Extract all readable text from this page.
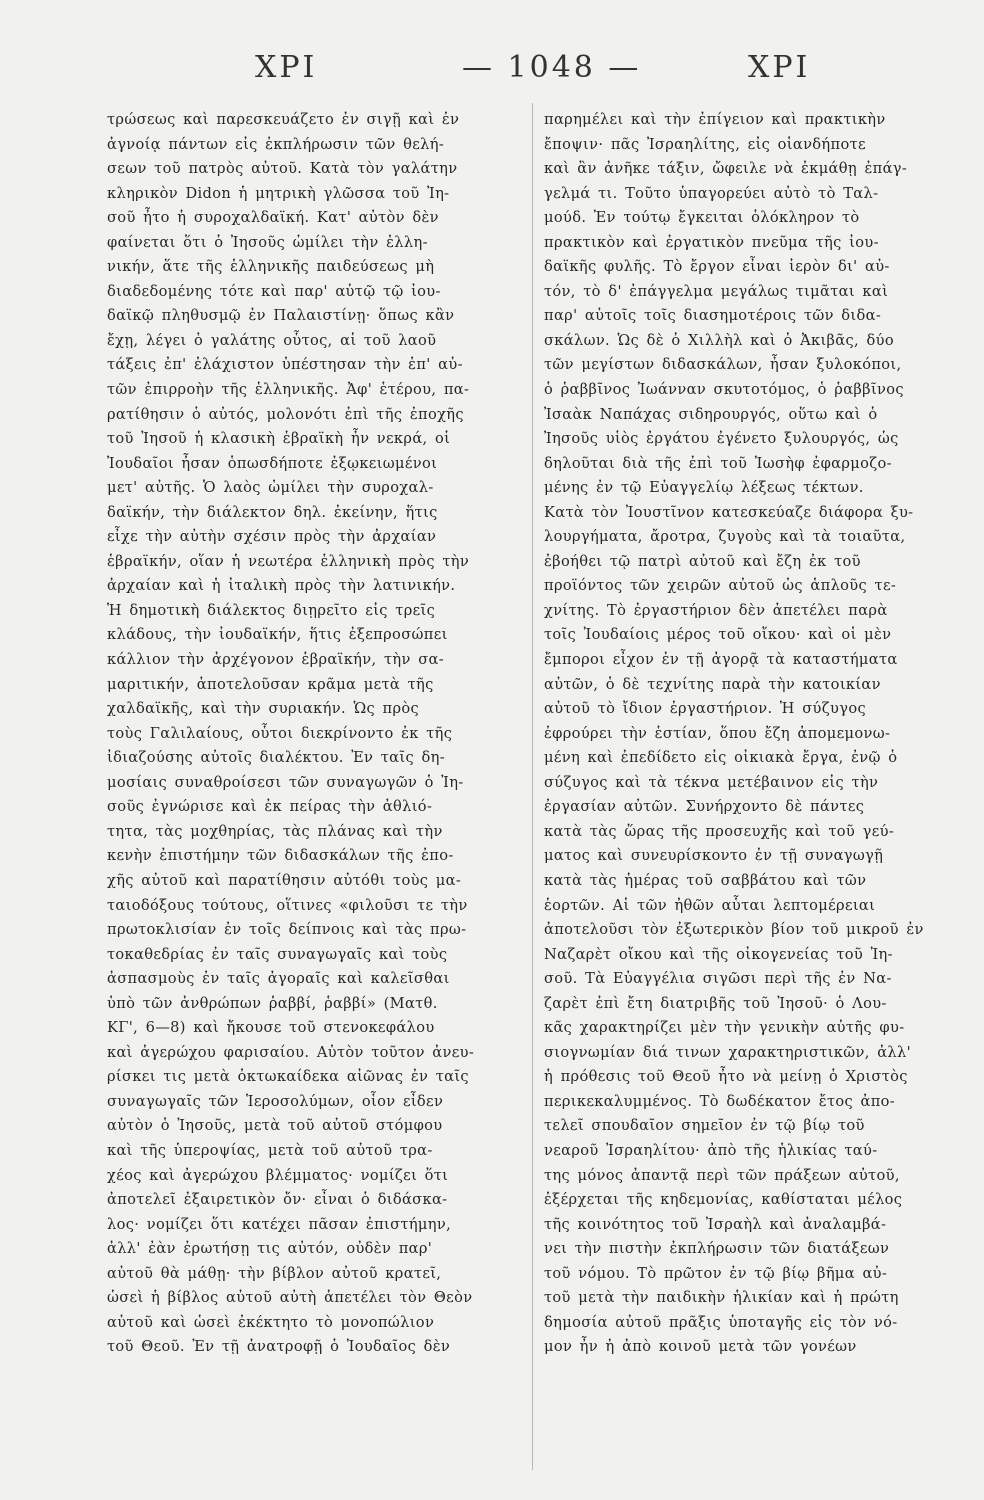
ΧΡΙ	— 1048 —	ΧΡΙ
τρώσεως καὶ παρεσκευάζετο ἐν σιγῇ καὶ ἐν
ἀγνοίᾳ πάντων εἰς ἐκπλήρωσιν τῶν θελή-
σεων τοῦ πατρὸς αὐτοῦ. Κατὰ τὸν γαλάτην
κληρικὸν Didon ἡ μητρικὴ γλῶσσα τοῦ Ἰη-
σοῦ ἦτο ἡ συροχαλδαϊκή. Κατ' αὐτὸν δὲν
φαίνεται ὅτι ὁ Ἰησοῦς ὡμίλει τὴν ἑλλη-
νικήν, ἅτε τῆς ἑλληνικῆς παιδεύσεως μὴ
διαδεδομένης τότε καὶ παρ' αὐτῷ τῷ ἰου-
δαϊκῷ πληθυσμῷ ἐν Παλαιστίνῃ· ὅπως κἂν
ἔχῃ, λέγει ὁ γαλάτης οὗτος, αἱ τοῦ λαοῦ
τάξεις ἐπ' ἐλάχιστον ὑπέστησαν τὴν ἐπ' αὐ-
τῶν ἐπιρροὴν τῆς ἑλληνικῆς. Ἀφ' ἑτέρου, πα-
ρατίθησιν ὁ αὐτός, μολονότι ἐπὶ τῆς ἐποχῆς
τοῦ Ἰησοῦ ἡ κλασικὴ ἑβραϊκὴ ἦν νεκρά, οἱ
Ἰουδαῖοι ἦσαν ὁπωσδήποτε ἐξῳκειωμένοι
μετ' αὐτῆς. Ὁ λαὸς ὡμίλει τὴν συροχαλ-
δαϊκήν, τὴν διάλεκτον δηλ. ἐκείνην, ἥτις
εἶχε τὴν αὐτὴν σχέσιν πρὸς τὴν ἀρχαίαν
ἑβραϊκήν, οἵαν ἡ νεωτέρα ἑλληνικὴ πρὸς τὴν
ἀρχαίαν καὶ ἡ ἰταλικὴ πρὸς τὴν λατινικήν.
Ἡ δημοτικὴ διάλεκτος διῃρεῖτο εἰς τρεῖς
κλάδους, τὴν ἰουδαϊκήν, ἥτις ἐξεπροσώπει
κάλλιον τὴν ἀρχέγονον ἑβραϊκήν, τὴν σα-
μαριτικήν, ἀποτελοῦσαν κρᾶμα μετὰ τῆς
χαλδαϊκῆς, καὶ τὴν συριακήν. Ὡς πρὸς
τοὺς Γαλιλαίους, οὗτοι διεκρίνοντο ἐκ τῆς
ἰδιαζούσης αὐτοῖς διαλέκτου. Ἐν ταῖς δη-
μοσίαις συναθροίσεσι τῶν συναγωγῶν ὁ Ἰη-
σοῦς ἐγνώρισε καὶ ἐκ πείρας τὴν ἀθλιό-
τητα, τὰς μοχθηρίας, τὰς πλάνας καὶ τὴν
κενὴν ἐπιστήμην τῶν διδασκάλων τῆς ἐπο-
χῆς αὐτοῦ καὶ παρατίθησιν αὐτόθι τοὺς μα-
ταιοδόξους τούτους, οἵτινες «φιλοῦσι τε τὴν
πρωτοκλισίαν ἐν τοῖς δείπνοις καὶ τὰς πρω-
τοκαθεδρίας ἐν ταῖς συναγωγαῖς καὶ τοὺς
ἀσπασμοὺς ἐν ταῖς ἀγοραῖς καὶ καλεῖσθαι
ὑπὸ τῶν ἀνθρώπων ῥαββί, ῥαββί» (Ματθ.
ΚΓ', 6—8) καὶ ἤκουσε τοῦ στενοκεφάλου
καὶ ἀγερώχου φαρισαίου. Αὐτὸν τοῦτον ἀνευ-
ρίσκει τις μετὰ ὀκτωκαίδεκα αἰῶνας ἐν ταῖς
συναγωγαῖς τῶν Ἱεροσολύμων, οἷον εἶδεν
αὐτὸν ὁ Ἰησοῦς, μετὰ τοῦ αὐτοῦ στόμφου
καὶ τῆς ὑπεροψίας, μετὰ τοῦ αὐτοῦ τρα-
χέος καὶ ἀγερώχου βλέμματος· νομίζει ὅτι
ἀποτελεῖ ἐξαιρετικὸν ὄν· εἶναι ὁ διδάσκα-
λος· νομίζει ὅτι κατέχει πᾶσαν ἐπιστήμην,
ἀλλ' ἐὰν ἐρωτήσῃ τις αὐτόν, οὐδὲν παρ'
αὐτοῦ θὰ μάθῃ· τὴν βίβλον αὐτοῦ κρατεῖ,
ὡσεὶ ἡ βίβλος αὐτοῦ αὐτὴ ἀπετέλει τὸν Θεὸν
αὐτοῦ καὶ ὡσεὶ ἐκέκτητο τὸ μονοπώλιον
τοῦ Θεοῦ. Ἐν τῇ ἀνατροφῇ ὁ Ἰουδαῖος δὲν
παρημέλει καὶ τὴν ἐπίγειον καὶ πρακτικὴν
ἔποψιν· πᾶς Ἰσραηλίτης, εἰς οἱανδήποτε
καὶ ἂν ἀνῆκε τάξιν, ὤφειλε νὰ ἐκμάθῃ ἐπάγ-
γελμά τι. Τοῦτο ὑπαγορεύει αὐτὸ τὸ Ταλ-
μούδ. Ἐν τούτῳ ἔγκειται ὁλόκληρον τὸ
πρακτικὸν καὶ ἐργατικὸν πνεῦμα τῆς ἰου-
δαϊκῆς φυλῆς. Τὸ ἔργον εἶναι ἱερὸν δι' αὐ-
τόν, τὸ δ' ἐπάγγελμα μεγάλως τιμᾶται καὶ
παρ' αὐτοῖς τοῖς διασημοτέροις τῶν διδα-
σκάλων. Ὡς δὲ ὁ Χιλλὴλ καὶ ὁ Ἀκιβᾶς, δύο
τῶν μεγίστων διδασκάλων, ἦσαν ξυλοκόποι,
ὁ ῥαββῖνος Ἰωάνναν σκυτοτόμος, ὁ ῥαββῖνος
Ἰσαὰκ Ναπάχας σιδηρουργός, οὕτω καὶ ὁ
Ἰησοῦς υἱὸς ἐργάτου ἐγένετο ξυλουργός, ὡς
δηλοῦται διὰ τῆς ἐπὶ τοῦ Ἰωσὴφ ἐφαρμοζο-
μένης ἐν τῷ Εὐαγγελίῳ λέξεως τέκτων.
Κατὰ τὸν Ἰουστῖνον κατεσκεύαζε διάφορα ξυ-
λουργήματα, ἄροτρα, ζυγοὺς καὶ τὰ τοιαῦτα,
ἐβοήθει τῷ πατρὶ αὐτοῦ καὶ ἔζη ἐκ τοῦ
προϊόντος τῶν χειρῶν αὐτοῦ ὡς ἁπλοῦς τε-
χνίτης. Τὸ ἐργαστήριον δὲν ἀπετέλει παρὰ
τοῖς Ἰουδαίοις μέρος τοῦ οἴκου· καὶ οἱ μὲν
ἔμποροι εἶχον ἐν τῇ ἀγορᾷ τὰ καταστήματα
αὐτῶν, ὁ δὲ τεχνίτης παρὰ τὴν κατοικίαν
αὐτοῦ τὸ ἴδιον ἐργαστήριον. Ἡ σύζυγος
ἐφρούρει τὴν ἑστίαν, ὅπου ἔζη ἀπομεμονω-
μένη καὶ ἐπεδίδετο εἰς οἰκιακὰ ἔργα, ἐνῷ ὁ
σύζυγος καὶ τὰ τέκνα μετέβαινον εἰς τὴν
ἐργασίαν αὐτῶν. Συνήρχοντο δὲ πάντες
κατὰ τὰς ὥρας τῆς προσευχῆς καὶ τοῦ γεύ-
ματος καὶ συνευρίσκοντο ἐν τῇ συναγωγῇ
κατὰ τὰς ἡμέρας τοῦ σαββάτου καὶ τῶν
ἑορτῶν. Αἱ τῶν ἠθῶν αὗται λεπτομέρειαι
ἀποτελοῦσι τὸν ἐξωτερικὸν βίον τοῦ μικροῦ ἐν
Ναζαρὲτ οἴκου καὶ τῆς οἰκογενείας τοῦ Ἰη-
σοῦ. Τὰ Εὐαγγέλια σιγῶσι περὶ τῆς ἐν Να-
ζαρὲτ ἐπὶ ἔτη διατριβῆς τοῦ Ἰησοῦ· ὁ Λου-
κᾶς χαρακτηρίζει μὲν τὴν γενικὴν αὐτῆς φυ-
σιογνωμίαν διά τινων χαρακτηριστικῶν, ἀλλ'
ἡ πρόθεσις τοῦ Θεοῦ ἦτο νὰ μείνῃ ὁ Χριστὸς
περικεκαλυμμένος. Τὸ δωδέκατον ἔτος ἀπο-
τελεῖ σπουδαῖον σημεῖον ἐν τῷ βίῳ τοῦ
νεαροῦ Ἰσραηλίτου· ἀπὸ τῆς ἡλικίας ταύ-
της μόνος ἀπαντᾷ περὶ τῶν πράξεων αὐτοῦ,
ἐξέρχεται τῆς κηδεμονίας, καθίσταται μέλος
τῆς κοινότητος τοῦ Ἰσραὴλ καὶ ἀναλαμβά-
νει τὴν πιστὴν ἐκπλήρωσιν τῶν διατάξεων
τοῦ νόμου. Τὸ πρῶτον ἐν τῷ βίῳ βῆμα αὐ-
τοῦ μετὰ τὴν παιδικὴν ἡλικίαν καὶ ἡ πρώτη
δημοσία αὐτοῦ πρᾶξις ὑποταγῆς εἰς τὸν νό-
μον ἦν ἡ ἀπὸ κοινοῦ μετὰ τῶν γονέων
